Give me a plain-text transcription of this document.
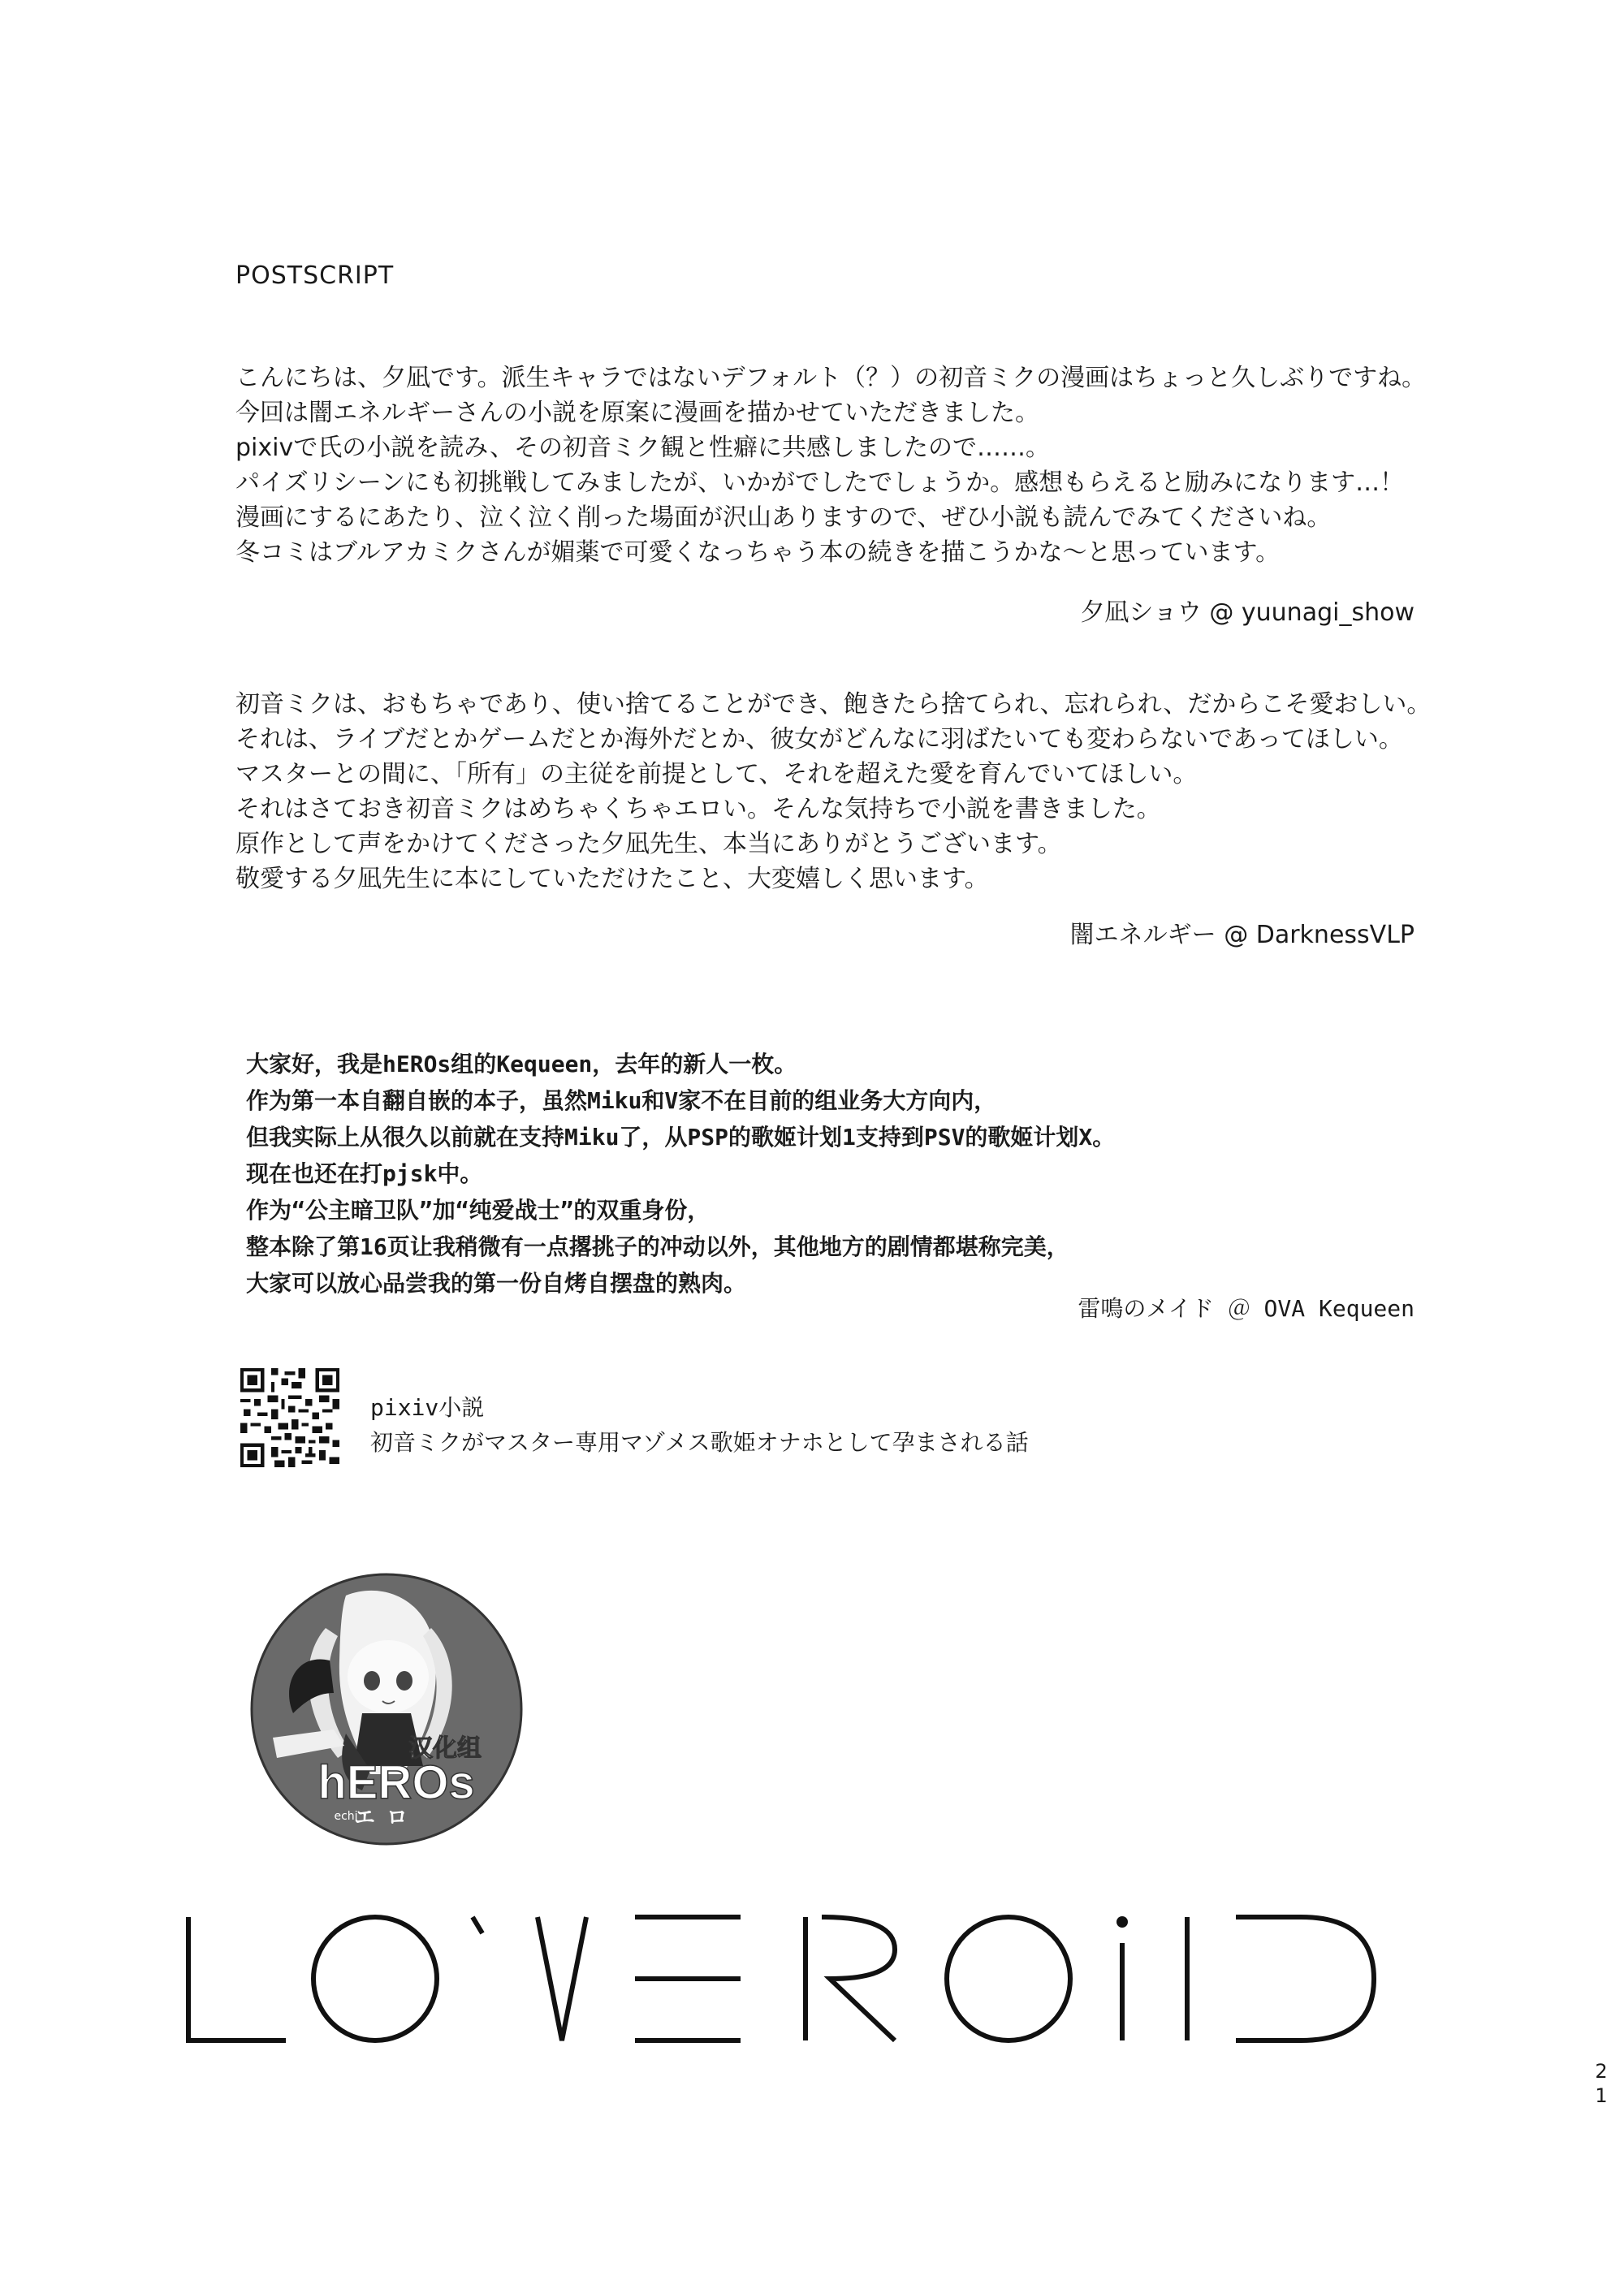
POSTSCRIPT

こんにちは、夕凪です。派生キャラではないデフォルト（？）の初音ミクの漫画はちょっと久しぶりですね。
今回は闇エネルギーさんの小説を原案に漫画を描かせていただきました。
pixivで氏の小説を読み、その初音ミク観と性癖に共感しましたので……。
パイズリシーンにも初挑戦してみましたが、いかがでしたでしょうか。感想もらえると励みになります…！
漫画にするにあたり、泣く泣く削った場面が沢山ありますので、ぜひ小説も読んでみてくださいね。
冬コミはブルアカミクさんが媚薬で可愛くなっちゃう本の続きを描こうかな～と思っています。

夕凪ショウ @ yuunagi_show

初音ミクは、おもちゃであり、使い捨てることができ、飽きたら捨てられ、忘れられ、だからこそ愛おしい。
それは、ライブだとかゲームだとか海外だとか、彼女がどんなに羽ばたいても変わらないであってほしい。
マスターとの間に、「所有」の主従を前提として、それを超えた愛を育んでいてほしい。
それはさておき初音ミクはめちゃくちゃエロい。そんな気持ちで小説を書きました。
原作として声をかけてくださった夕凪先生、本当にありがとうございます。
敬愛する夕凪先生に本にしていただけたこと、大変嬉しく思います。

闇エネルギー @ DarknessVLP

大家好，我是hEROs组的Kequeen，去年的新人一枚。
作为第一本自翻自嵌的本子，虽然Miku和V家不在目前的组业务大方向内，
但我实际上从很久以前就在支持Miku了，从PSP的歌姬计划1支持到PSV的歌姬计划X。
现在也还在打pjsk中。
作为“公主暗卫队”加“纯爱战士”的双重身份，
整本除了第16页让我稍微有一点撂挑子的冲动以外，其他地方的剧情都堪称完美，
大家可以放心品尝我的第一份自烤自摆盘的熟肉。

雷鳴のメイド ＠ OVA Kequeen
pixiv小説
初音ミクがマスター専用マゾメス歌姫オナホとして孕まされる話
汉化组
hEROs
echi
エロ
LOVEROiD
2
1
